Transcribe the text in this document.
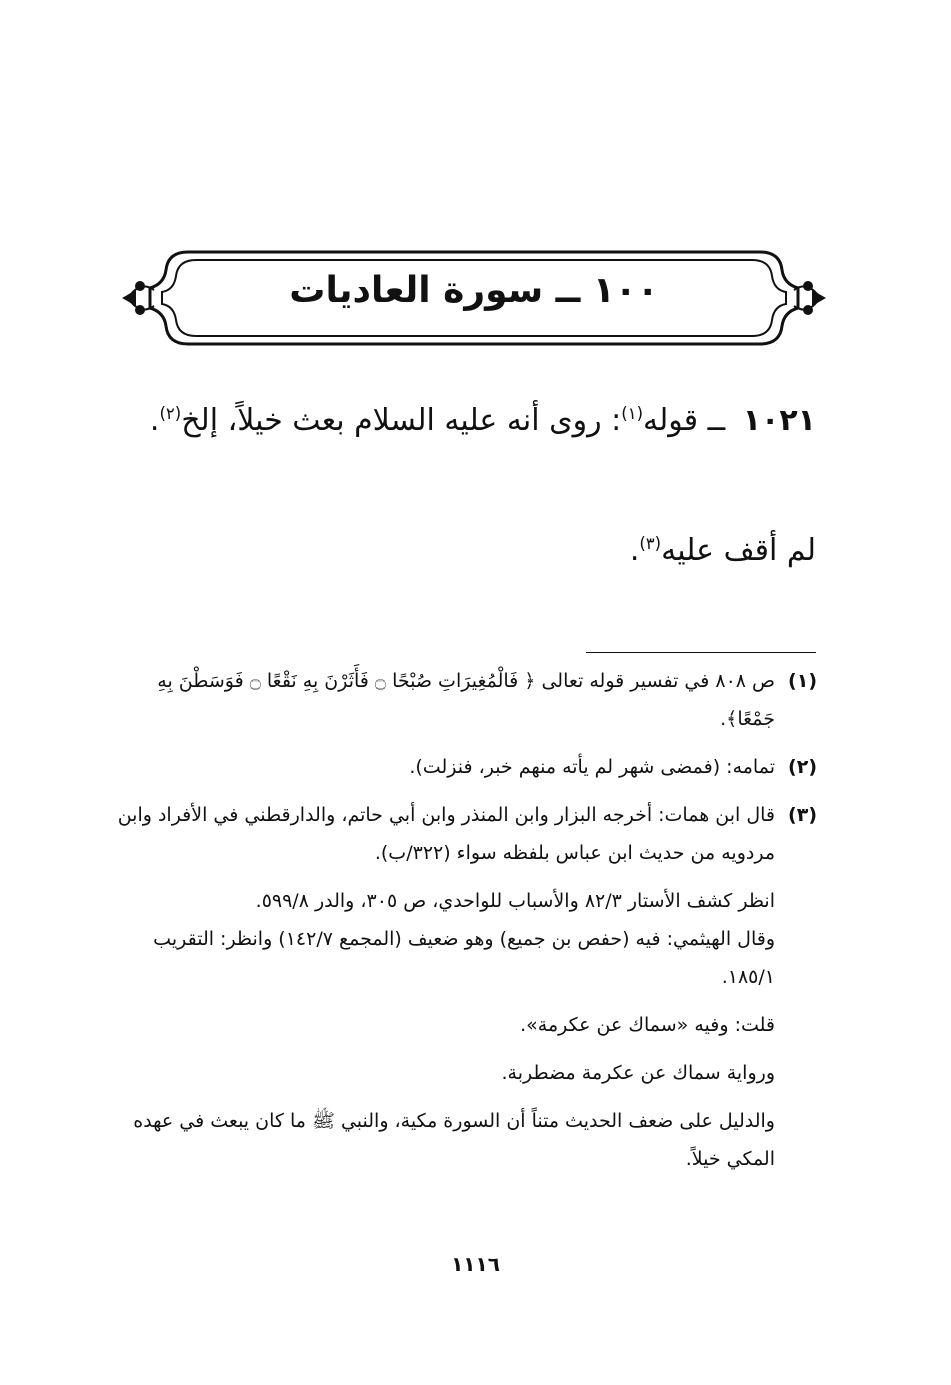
١٠٠ ــ سورة العاديات
١٠٢١ ــ قوله$^{(١)}$: روى أنه عليه السلام بعث خيلاً، إلخ$^{(٢)}$.
لم أقف عليه$^{(٣)}$.
(١)

ص ٨٠٨ في تفسير قوله تعالى ﴿ فَالْمُغِيرَاتِ صُبْحًا ۝ فَأَثَرْنَ بِهِ نَقْعًا ۝ فَوَسَطْنَ بِهِ جَمْعًا﴾.

(٢)

تمامه: (فمضى شهر لم يأته منهم خبر، فنزلت).

(٣)

قال ابن همات: أخرجه البزار وابن المنذر وابن أبي حاتم، والدارقطني في الأفراد وابن مردويه من حديث ابن عباس بلفظه سواء (٣٢٢/ب).

انظر كشف الأستار ٨٢/٣ والأسباب للواحدي، ص ٣٠٥، والدر ٥٩٩/٨.

وقال الهيثمي: فيه (حفص بن جميع) وهو ضعيف (المجمع ١٤٢/٧) وانظر: التقريب ١٨٥/١.

قلت: وفيه «سماك عن عكرمة».

ورواية سماك عن عكرمة مضطربة.

والدليل على ضعف الحديث متناً أن السورة مكية، والنبي ﷺ ما كان يبعث في عهده المكي خيلاً.

١١١٦
